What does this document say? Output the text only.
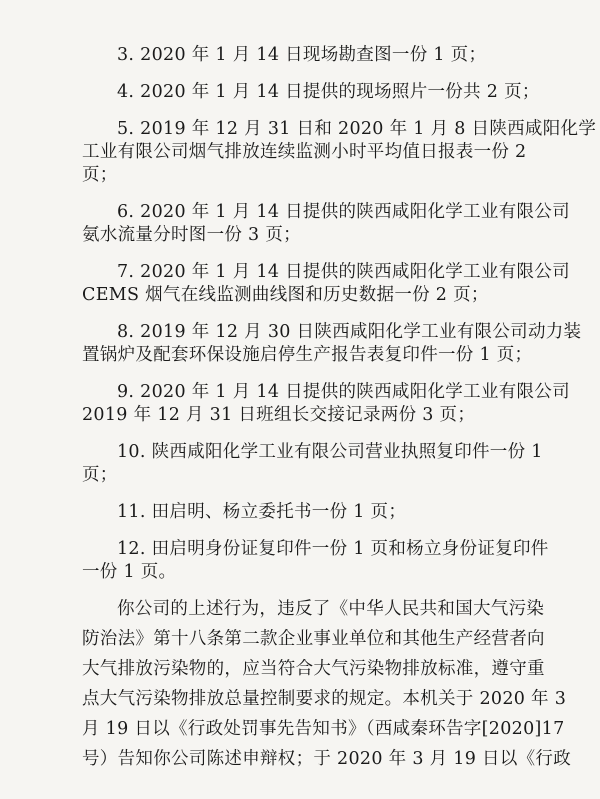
3. 2020 年 1 月 14 日现场勘查图一份 1 页；
4. 2020 年 1 月 14 日提供的现场照片一份共 2 页；
5. 2019 年 12 月 31 日和 2020 年 1 月 8 日陕西咸阳化学
工业有限公司烟气排放连续监测小时平均值日报表一份 2
页；
6. 2020 年 1 月 14 日提供的陕西咸阳化学工业有限公司
氨水流量分时图一份 3 页；
7. 2020 年 1 月 14 日提供的陕西咸阳化学工业有限公司
CEMS 烟气在线监测曲线图和历史数据一份 2 页；
8. 2019 年 12 月 30 日陕西咸阳化学工业有限公司动力装
置锅炉及配套环保设施启停生产报告表复印件一份 1 页；
9. 2020 年 1 月 14 日提供的陕西咸阳化学工业有限公司
2019 年 12 月 31 日班组长交接记录两份 3 页；
10. 陕西咸阳化学工业有限公司营业执照复印件一份 1
页；
11. 田启明、杨立委托书一份 1 页；
12. 田启明身份证复印件一份 1 页和杨立身份证复印件
一份 1 页。
你公司的上述行为，违反了《中华人民共和国大气污染
防治法》第十八条第二款企业事业单位和其他生产经营者向
大气排放污染物的，应当符合大气污染物排放标准，遵守重
点大气污染物排放总量控制要求的规定。本机关于 2020 年 3
月 19 日以《行政处罚事先告知书》（西咸秦环告字[2020]17
号）告知你公司陈述申辩权；于 2020 年 3 月 19 日以《行政
